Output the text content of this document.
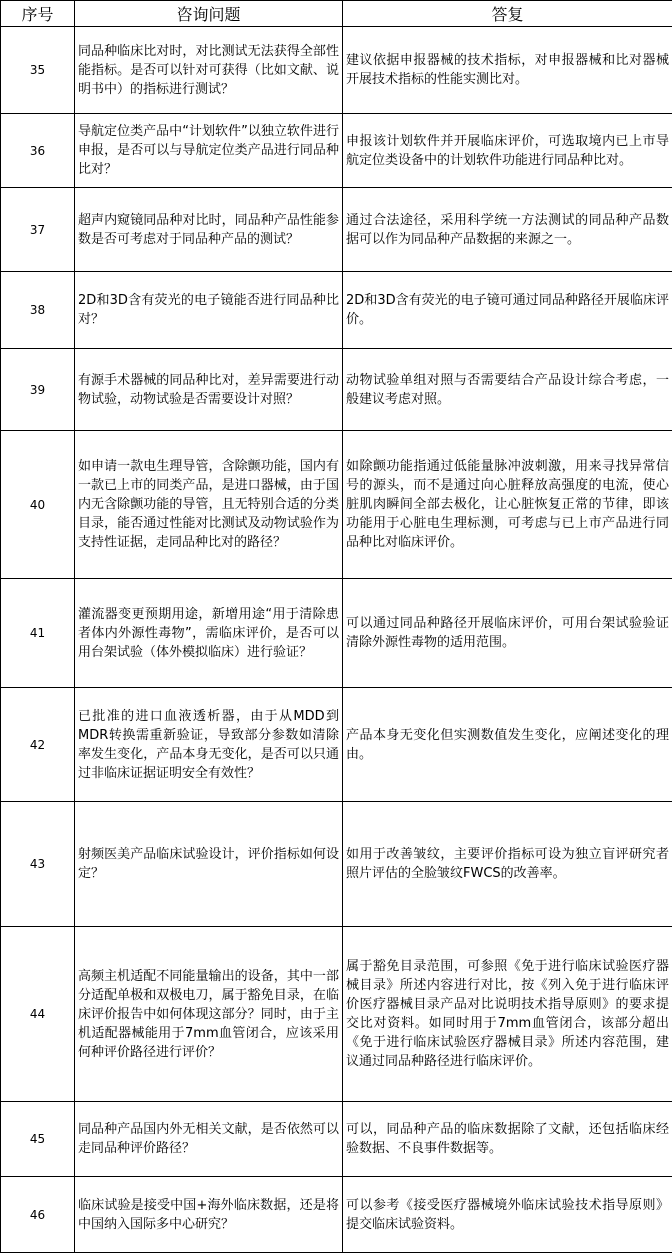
序号	咨询问题	答复
35	同品种临床比对时，对比测试无法获得全部性能指标。是否可以针对可获得（比如文献、说明书中）的指标进行测试？	建议依据申报器械的技术指标，对申报器械和比对器械开展技术指标的性能实测比对。
36	导航定位类产品中“计划软件”以独立软件进行申报，是否可以与导航定位类产品进行同品种比对？	申报该计划软件并开展临床评价，可选取境内已上市导航定位类设备中的计划软件功能进行同品种比对。
37	超声内窥镜同品种对比时，同品种产品性能参数是否可考虑对于同品种产品的测试？	通过合法途径，采用科学统一方法测试的同品种产品数据可以作为同品种产品数据的来源之一。
38	2D和3D含有荧光的电子镜能否进行同品种比对？	2D和3D含有荧光的电子镜可通过同品种路径开展临床评价。
39	有源手术器械的同品种比对，差异需要进行动物试验，动物试验是否需要设计对照？	动物试验单组对照与否需要结合产品设计综合考虑，一般建议考虑对照。
40	如申请一款电生理导管，含除颤功能，国内有一款已上市的同类产品，是进口器械，由于国内无含除颤功能的导管，且无特别合适的分类目录，能否通过性能对比测试及动物试验作为支持性证据，走同品种比对的路径？	如除颤功能指通过低能量脉冲波刺激，用来寻找异常信号的源头，而不是通过向心脏释放高强度的电流，使心脏肌肉瞬间全部去极化，让心脏恢复正常的节律，即该功能用于心脏电生理标测，可考虑与已上市产品进行同品种比对临床评价。
41	灌流器变更预期用途，新增用途“用于清除患者体内外源性毒物”，需临床评价，是否可以用台架试验（体外模拟临床）进行验证？	可以通过同品种路径开展临床评价，可用台架试验验证清除外源性毒物的适用范围。
42	已批准的进口血液透析器，由于从MDD到MDR转换需重新验证，导致部分参数如清除率发生变化，产品本身无变化，是否可以只通过非临床证据证明安全有效性？	产品本身无变化但实测数值发生变化，应阐述变化的理由。
43	射频医美产品临床试验设计，评价指标如何设定？	如用于改善皱纹，主要评价指标可设为独立盲评研究者照片评估的全脸皱纹FWCS的改善率。
44	高频主机适配不同能量输出的设备，其中一部分适配单极和双极电刀，属于豁免目录，在临床评价报告中如何体现这部分？同时，由于主机适配器械能用于7mm血管闭合，应该采用何种评价路径进行评价？	属于豁免目录范围，可参照《免于进行临床试验医疗器械目录》所述内容进行对比，按《列入免于进行临床评价医疗器械目录产品对比说明技术指导原则》的要求提交比对资料。如同时用于7mm血管闭合，该部分超出《免于进行临床试验医疗器械目录》所述内容范围，建议通过同品种路径进行临床评价。
45	同品种产品国内外无相关文献，是否依然可以走同品种评价路径？	可以，同品种产品的临床数据除了文献，还包括临床经验数据、不良事件数据等。
46	临床试验是接受中国+海外临床数据，还是将中国纳入国际多中心研究？	可以参考《接受医疗器械境外临床试验技术指导原则》提交临床试验资料。
